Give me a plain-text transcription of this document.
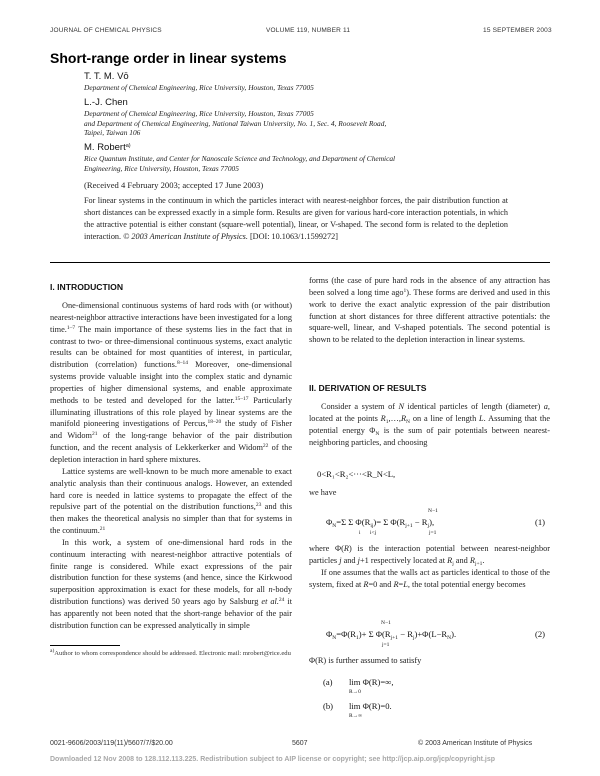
JOURNAL OF CHEMICAL PHYSICS	VOLUME 119, NUMBER 11	15 SEPTEMBER 2003
Short-range order in linear systems
T. T. M. Vō
Department of Chemical Engineering, Rice University, Houston, Texas 77005
L.-J. Chen
Department of Chemical Engineering, Rice University, Houston, Texas 77005
and Department of Chemical Engineering, National Taiwan University, No. 1, Sec. 4, Roosevelt Road,
Taipei, Taiwan 106
M. Robert$^{a)}$
Rice Quantum Institute, and Center for Nanoscale Science and Technology, and Department of Chemical
Engineering, Rice University, Houston, Texas 77005
(Received 4 February 2003; accepted 17 June 2003)
For linear systems in the continuum in which the particles interact with nearest-neighbor forces, the pair distribution function at short distances can be expressed exactly in a simple form. Results are given for various hard-core interaction potentials, in which the attractive potential is either constant (square-well potential), linear, or V-shaped. The second form is related to the depletion interaction. © 2003 American Institute of Physics. [DOI: 10.1063/1.1599272]
I. INTRODUCTION

One-dimensional continuous systems of hard rods with (or without) nearest-neighbor attractive interactions have been investigated for a long time.$^{1-7}$ The main importance of these systems lies in the fact that in contrast to two- or three-dimensional continuous systems, exact analytic results can be obtained for most quantities of interest, in particular, distribution (correlation) functions.$^{8-14}$ Moreover, one-dimensional systems provide valuable insight into the complex static and dynamic properties of higher dimensional systems, and enable approximate methods to be tested and developed for the latter.$^{15-17}$ Particularly illuminating illustrations of this role played by linear systems are the manifold pioneering investigations of Percus,$^{18-20}$ the study of Fisher and Widom$^{21}$ of the long-range behavior of the pair distribution function, and the recent analysis of Lekkerkerker and Widom$^{22}$ of the depletion interaction in hard sphere mixtures.

Lattice systems are well-known to be much more amenable to exact analytic analysis than their continuous analogs. However, an extended hard core is needed in lattice systems to propagate the effect of the repulsive part of the potential on the distribution functions,$^{23}$ and this then makes the theoretical analysis no simpler than that for systems in the continuum.$^{21}$

In this work, a system of one-dimensional hard rods in the continuum interacting with nearest-neighbor attractive potentials of finite range is considered. While exact expressions of the pair distribution function for these systems (and hence, since the Kirkwood superposition approximation is exact for these models, for all n-body distribution functions) was derived 50 years ago by Salsburg et al.$^{24}$ it has apparently not been noted that the short-range behavior of the pair distribution function can be expressed analytically in simple

$^{a)}$Author to whom correspondence should be addressed. Electronic mail: mrobert@rice.edu

forms (the case of pure hard rods in the absence of any attraction has been solved a long time ago$^1$). These forms are derived and used in this work to derive the exact analytic expression of the pair distribution function at short distances for three different attractive potentials: the square-well, linear, and V-shaped potentials. The second potential is shown to be related to the depletion interaction in linear systems.

II. DERIVATION OF RESULTS

Consider a system of N identical particles of length (diameter) a, located at the points $R_1,\dots,R_N$ on a line of length L. Assuming that the potential energy $\Phi_N$ is the sum of pair potentials between nearest-neighboring particles, and choosing

0<R₁<R₂<···<R_N<L,
we have
$\Phi_N=\Sigma$ Σ $\Phi(R_{ij})= \Sigma$ $\Phi(R_{j+1} - R_j)$,
i i<j
N−1
j=1
(1)

where Φ(R) is the interaction potential between nearest-neighbor particles j and j+1 respectively located at $R_j$ and $R_{j+1}$.

If one assumes that the walls act as particles identical to those of the system, fixed at R=0 and R=L, the total potential energy becomes

$\Phi_N=\Phi(R_1)+ \Sigma$ $\Phi(R_{j+1} - R_j)+\Phi(L-R_N)$.
N−1
j=1
(2)
Φ(R) is further assumed to satisfy
(a) lim Φ(R)=∞,
R→0
(b) lim Φ(R)=0.
R→∞
0021-9606/2003/119(11)/5607/7/$20.00	5607	© 2003 American Institute of Physics
Downloaded 12 Nov 2008 to 128.112.113.225. Redistribution subject to AIP license or copyright; see http://jcp.aip.org/jcp/copyright.jsp
